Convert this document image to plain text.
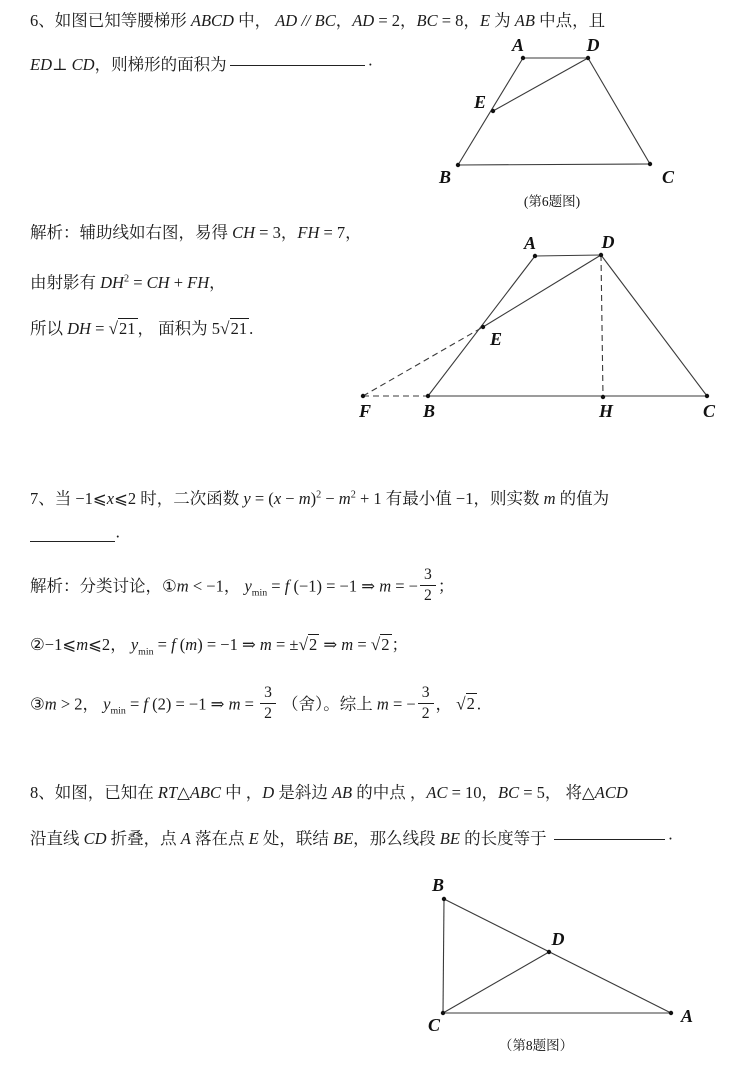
6、如图已知等腰梯形 ABCD 中， AD // BC，AD = 2，BC = 8，E 为 AB 中点，且
ED⊥ CD，则梯形的面积为	·
A	D
E
B	C
(第6题图)
解析：辅助线如右图，易得 CH = 3，FH = 7，
由射影有 $DH^2$ = CH + FH，
所以 DH = √21 ， 面积为 5√21 .
A	D
E
F	B	H	C
7、当 −1⩽x⩽2 时，二次函数 $y = (x - m)^2 - m^2 + 1$ 有最小值 −1，则实数 m 的值为
·
解析：分类讨论，①m < −1， $y_{min} = f$ (−1) = −1 ⇒ m = − $\frac{3}{2}$ ；
②−1⩽m⩽2， $y_{min} = f$ (m) = −1 ⇒ m = ±√2 ⇒ m = √2 ；
③m > 2， $y_{min} = f$ (2) = −1 ⇒ $m = \frac{3}{2}$ （舍）。综上 m = − $\frac{3}{2}$ ， √2 .
8、如图，已知在 RT△ABC 中 ，D 是斜边 AB 的中点 ，AC = 10，BC = 5， 将△ACD
沿直线 CD 折叠，点 A 落在点 E 处，联结 BE，那么线段 BE 的长度等于	·
B
C	A
D
（第8题图）
